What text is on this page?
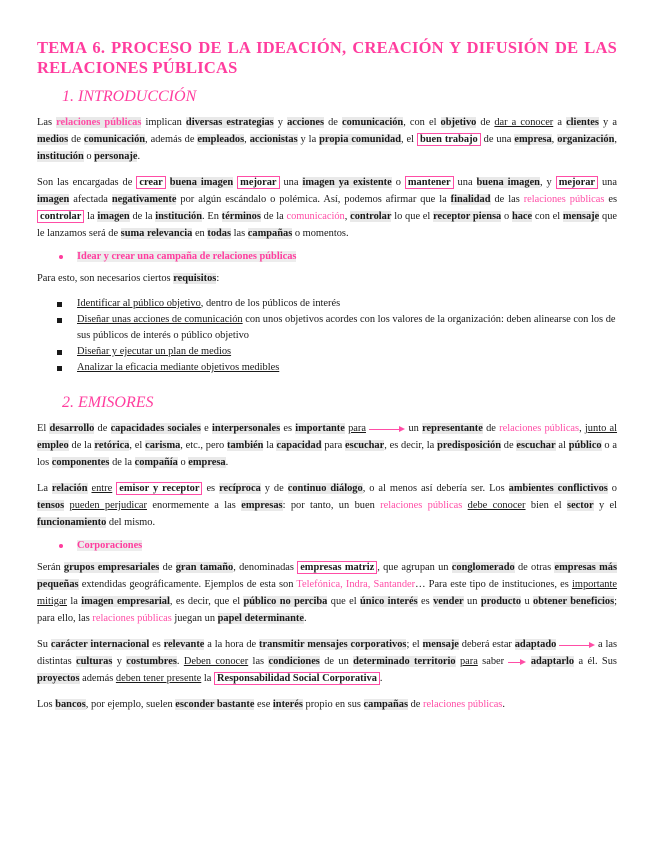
TEMA 6. PROCESO DE LA IDEACIÓN, CREACIÓN Y DIFUSIÓN DE LAS RELACIONES PÚBLICAS
1. INTRODUCCIÓN

Las relaciones públicas implican diversas estrategias y acciones de comunicación, con el objetivo de dar a conocer a clientes y a medios de comunicación, además de empleados, accionistas y la propia comunidad, el buen trabajo de una empresa, organización, institución o personaje.

Son las encargadas de crear buena imagen mejorar una imagen ya existente o mantener una buena imagen, y mejorar una imagen afectada negativamente por algún escándalo o polémica. Así, podemos afirmar que la finalidad de las relaciones públicas es controlar la imagen de la institución. En términos de la comunicación, controlar lo que el receptor piensa o hace con el mensaje que le lanzamos será de suma relevancia en todas las campañas o momentos.

Idear y crear una campaña de relaciones públicas

Para esto, son necesarios ciertos requisitos:

Identificar al público objetivo, dentro de los públicos de interés
Diseñar unas acciones de comunicación con unos objetivos acordes con los valores de la organización: deben alinearse con los de sus públicos de interés o público objetivo
Diseñar y ejecutar un plan de medios
Analizar la eficacia mediante objetivos medibles
2. EMISORES

El desarrollo de capacidades sociales e interpersonales es importante para	un representante de relaciones públicas, junto al empleo de la retórica, el carisma, etc., pero también la capacidad para escuchar, es decir, la predisposición de escuchar al público o a los componentes de la compañía o empresa.

La relación entre emisor y receptor es recíproca y de continuo diálogo, o al menos así debería ser. Los ambientes conflictivos o tensos pueden perjudicar enormemente a las empresas: por tanto, un buen relaciones públicas debe conocer bien el sector y el funcionamiento del mismo.

Corporaciones

Serán grupos empresariales de gran tamaño, denominadas empresas matriz , que agrupan un conglomerado de otras empresas más pequeñas extendidas geográficamente. Ejemplos de esta son Telefónica, Indra, Santander… Para este tipo de instituciones, es importante mitigar la imagen empresarial, es decir, que el público no perciba que el único interés es vender un producto u obtener beneficios; para ello, las relaciones públicas juegan un papel determinante.

Su carácter internacional es relevante a la hora de transmitir mensajes corporativos; el mensaje deberá estar adaptado	a las distintas culturas y costumbres. Deben conocer las condiciones de un determinado territorio para saber  adaptarlo a él. Sus proyectos además deben tener presente la Responsabilidad Social Corporativa .

Los bancos, por ejemplo, suelen esconder bastante ese interés propio en sus campañas de relaciones públicas.
